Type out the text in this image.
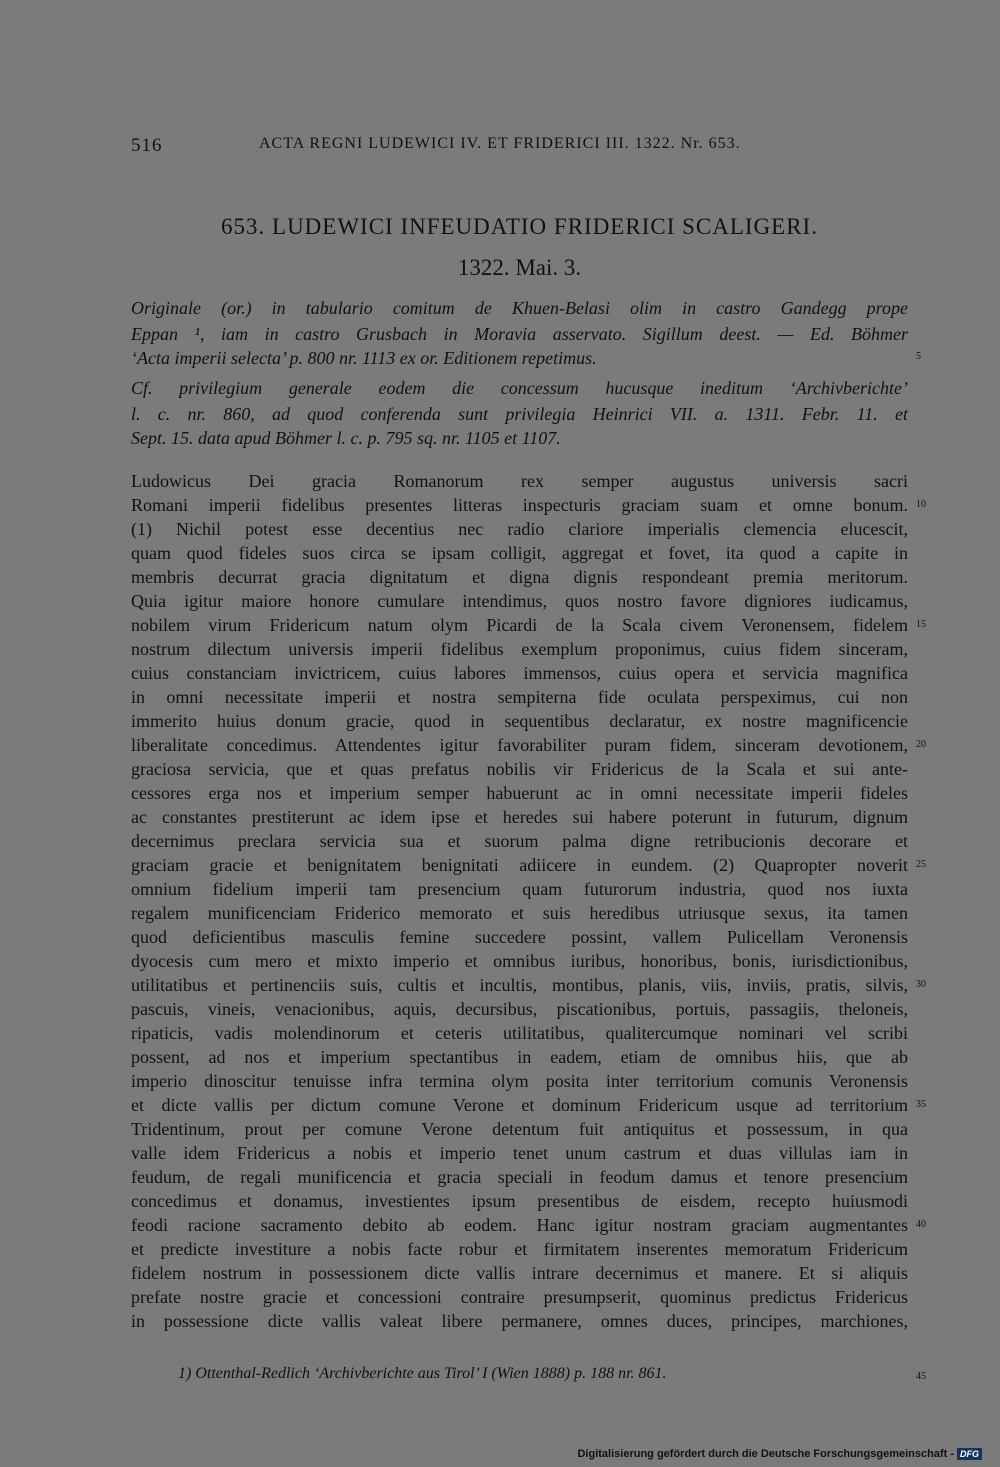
516	ACTA REGNI LUDEWICI IV. ET FRIDERICI III. 1322. Nr. 653.
653. LUDEWICI INFEUDATIO FRIDERICI SCALIGERI.
1322. Mai. 3.
Originale (or.) in tabulario comitum de Khuen-Belasi olim in castro Gandegg prope
Eppan ¹, iam in castro Grusbach in Moravia asservato. Sigillum deest. — Ed. Böhmer
‘Acta imperii selecta’ p. 800 nr. 1113 ex or. Editionem repetimus.
Cf. privilegium generale eodem die concessum hucusque ineditum ‘Archivberichte’
l. c. nr. 860, ad quod conferenda sunt privilegia Heinrici VII. a. 1311. Febr. 11. et
Sept. 15. data apud Böhmer l. c. p. 795 sq. nr. 1105 et 1107.
Ludowicus Dei gracia Romanorum rex semper augustus universis sacri
Romani imperii fidelibus presentes litteras inspecturis graciam suam et omne bonum.
(1) Nichil potest esse decentius nec radio clariore imperialis clemencia elucescit,
quam quod fideles suos circa se ipsam colligit, aggregat et fovet, ita quod a capite in
membris decurrat gracia dignitatum et digna dignis respondeant premia meritorum.
Quia igitur maiore honore cumulare intendimus, quos nostro favore digniores iudicamus,
nobilem virum Fridericum natum olym Picardi de la Scala civem Veronensem, fidelem
nostrum dilectum universis imperii fidelibus exemplum proponimus, cuius fidem sinceram,
cuius constanciam invictricem, cuius labores immensos, cuius opera et servicia magnifica
in omni necessitate imperii et nostra sempiterna fide oculata perspeximus, cui non
immerito huius donum gracie, quod in sequentibus declaratur, ex nostre magnificencie
liberalitate concedimus. Attendentes igitur favorabiliter puram fidem, sinceram devotionem,
graciosa servicia, que et quas prefatus nobilis vir Fridericus de la Scala et sui ante-
cessores erga nos et imperium semper habuerunt ac in omni necessitate imperii fideles
ac constantes prestiterunt ac idem ipse et heredes sui habere poterunt in futurum, dignum
decernimus preclara servicia sua et suorum palma digne retribucionis decorare et
graciam gracie et benignitatem benignitati adiicere in eundem. (2) Quapropter noverit
omnium fidelium imperii tam presencium quam futurorum industria, quod nos iuxta
regalem munificenciam Friderico memorato et suis heredibus utriusque sexus, ita tamen
quod deficientibus masculis femine succedere possint, vallem Pulicellam Veronensis
dyocesis cum mero et mixto imperio et omnibus iuribus, honoribus, bonis, iurisdictionibus,
utilitatibus et pertinenciis suis, cultis et incultis, montibus, planis, viis, inviis, pratis, silvis,
pascuis, vineis, venacionibus, aquis, decursibus, piscationibus, portuis, passagiis, theloneis,
ripaticis, vadis molendinorum et ceteris utilitatibus, qualitercumque nominari vel scribi
possent, ad nos et imperium spectantibus in eadem, etiam de omnibus hiis, que ab
imperio dinoscitur tenuisse infra termina olym posita inter territorium comunis Veronensis
et dicte vallis per dictum comune Verone et dominum Fridericum usque ad territorium
Tridentinum, prout per comune Verone detentum fuit antiquitus et possessum, in qua
valle idem Fridericus a nobis et imperio tenet unum castrum et duas villulas iam in
feudum, de regali munificencia et gracia speciali in feodum damus et tenore presencium
concedimus et donamus, investientes ipsum presentibus de eisdem, recepto huiusmodi
feodi racione sacramento debito ab eodem. Hanc igitur nostram graciam augmentantes
et predicte investiture a nobis facte robur et firmitatem inserentes memoratum Fridericum
fidelem nostrum in possessionem dicte vallis intrare decernimus et manere. Et si aliquis
prefate nostre gracie et concessioni contraire presumpserit, quominus predictus Fridericus
in possessione dicte vallis valeat libere permanere, omnes duces, principes, marchiones,
5
10
15
20
25
30
35
40
45
1) Ottenthal-Redlich ‘Archivberichte aus Tirol’ I (Wien 1888) p. 188 nr. 861.
Digitalisierung gefördert durch die Deutsche Forschungsgemeinschaft - DFG
